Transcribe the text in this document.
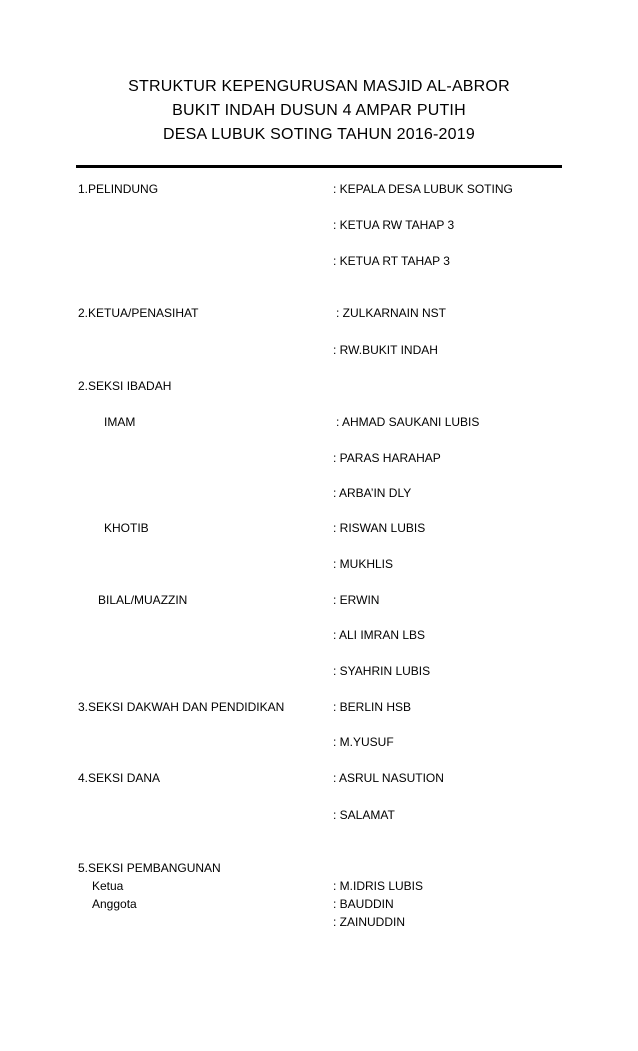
STRUKTUR KEPENGURUSAN MASJID AL-ABROR

BUKIT INDAH DUSUN 4 AMPAR PUTIH

DESA LUBUK SOTING TAHUN 2016-2019

1.PELINDUNG	: KEPALA DESA LUBUK SOTING
: KETUA RW TAHAP 3
: KETUA RT TAHAP 3
2.KETUA/PENASIHAT	: ZULKARNAIN NST
: RW.BUKIT INDAH
2.SEKSI IBADAH
IMAM	: AHMAD SAUKANI LUBIS
: PARAS HARAHAP
: ARBA’IN DLY
KHOTIB	: RISWAN LUBIS
: MUKHLIS
BILAL/MUAZZIN	: ERWIN
: ALI IMRAN LBS
: SYAHRIN LUBIS
3.SEKSI DAKWAH DAN PENDIDIKAN	: BERLIN HSB
: M.YUSUF
4.SEKSI DANA	: ASRUL NASUTION
: SALAMAT
5.SEKSI PEMBANGUNAN
Ketua	: M.IDRIS LUBIS
Anggota	: BAUDDIN
: ZAINUDDIN
